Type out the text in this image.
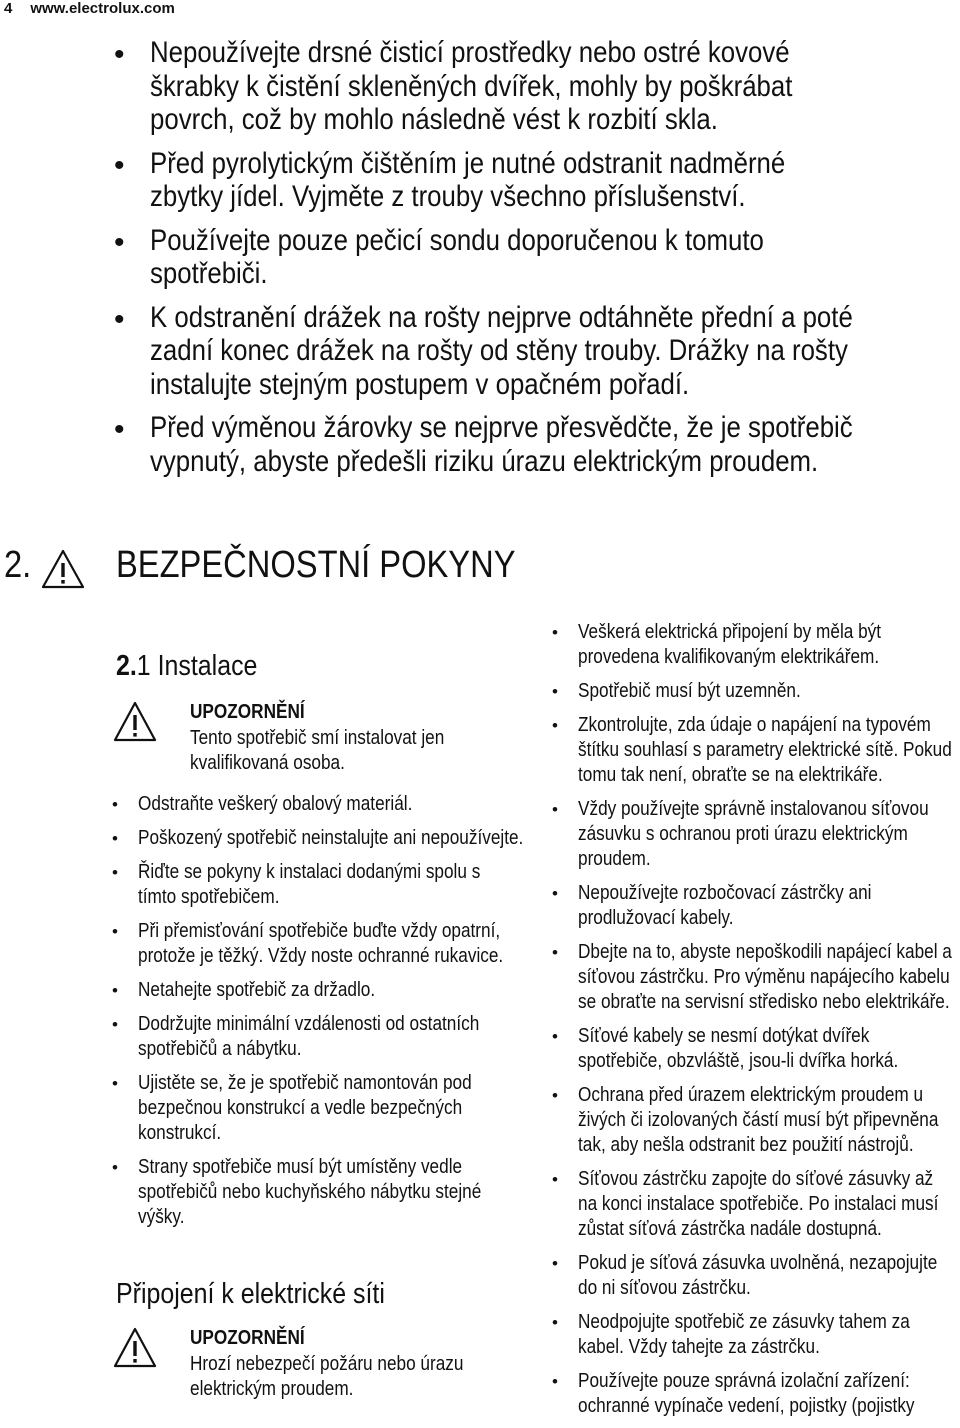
4 www.electrolux.com
• Nepoužívejte drsné čisticí prostředky nebo ostré kovové škrabky k čistění skleněných dvířek, mohly by poškrábat povrch, což by mohlo následně vést k rozbití skla.
• Před pyrolytickým čištěním je nutné odstranit nadměrné zbytky jídel. Vyjměte z trouby všechno příslušenství.
• Používejte pouze pečicí sondu doporučenou k tomuto spotřebiči.
• K odstranění drážek na rošty nejprve odtáhněte přední a poté zadní konec drážek na rošty od stěny trouby. Drážky na rošty instalujte stejným postupem v opačném pořadí.
• Před výměnou žárovky se nejprve přesvědčte, že je spotřebič vypnutý, abyste předešli riziku úrazu elektrickým proudem.
2. BEZPEČNOSTNÍ POKYNY
2.1 Instalace
UPOZORNĚNÍ
Tento spotřebič smí instalovat jen kvalifikovaná osoba.
• Odstraňte veškerý obalový materiál.
• Poškozený spotřebič neinstalujte ani nepoužívejte.
• Řiďte se pokyny k instalaci dodanými spolu s tímto spotřebičem.
• Při přemisťování spotřebiče buďte vždy opatrní, protože je těžký. Vždy noste ochranné rukavice.
• Netahejte spotřebič za držadlo.
• Dodržujte minimální vzdálenosti od ostatních spotřebičů a nábytku.
• Ujistěte se, že je spotřebič namontován pod bezpečnou konstrukcí a vedle bezpečných konstrukcí.
• Strany spotřebiče musí být umístěny vedle spotřebičů nebo kuchyňského nábytku stejné výšky.
Připojení k elektrické síti
UPOZORNĚNÍ
Hrozí nebezpečí požáru nebo úrazu elektrickým proudem.
• Veškerá elektrická připojení by měla být provedena kvalifikovaným elektrikářem.
• Spotřebič musí být uzemněn.
• Zkontrolujte, zda údaje o napájení na typovém štítku souhlasí s parametry elektrické sítě. Pokud tomu tak není, obraťte se na elektrikáře.
• Vždy používejte správně instalovanou síťovou zásuvku s ochranou proti úrazu elektrickým proudem.
• Nepoužívejte rozbočovací zástrčky ani prodlužovací kabely.
• Dbejte na to, abyste nepoškodili napájecí kabel a síťovou zástrčku. Pro výměnu napájecího kabelu se obraťte na servisní středisko nebo elektrikáře.
• Síťové kabely se nesmí dotýkat dvířek spotřebiče, obzvláště, jsou-li dvířka horká.
• Ochrana před úrazem elektrickým proudem u živých či izolovaných částí musí být připevněna tak, aby nešla odstranit bez použití nástrojů.
• Síťovou zástrčku zapojte do síťové zásuvky až na konci instalace spotřebiče. Po instalaci musí zůstat síťová zástrčka nadále dostupná.
• Pokud je síťová zásuvka uvolněná, nezapojujte do ni síťovou zástrčku.
• Neodpojujte spotřebič ze zásuvky tahem za kabel. Vždy tahejte za zástrčku.
• Používejte pouze správná izolační zařízení: ochranné vypínače vedení, pojistky (pojistky
